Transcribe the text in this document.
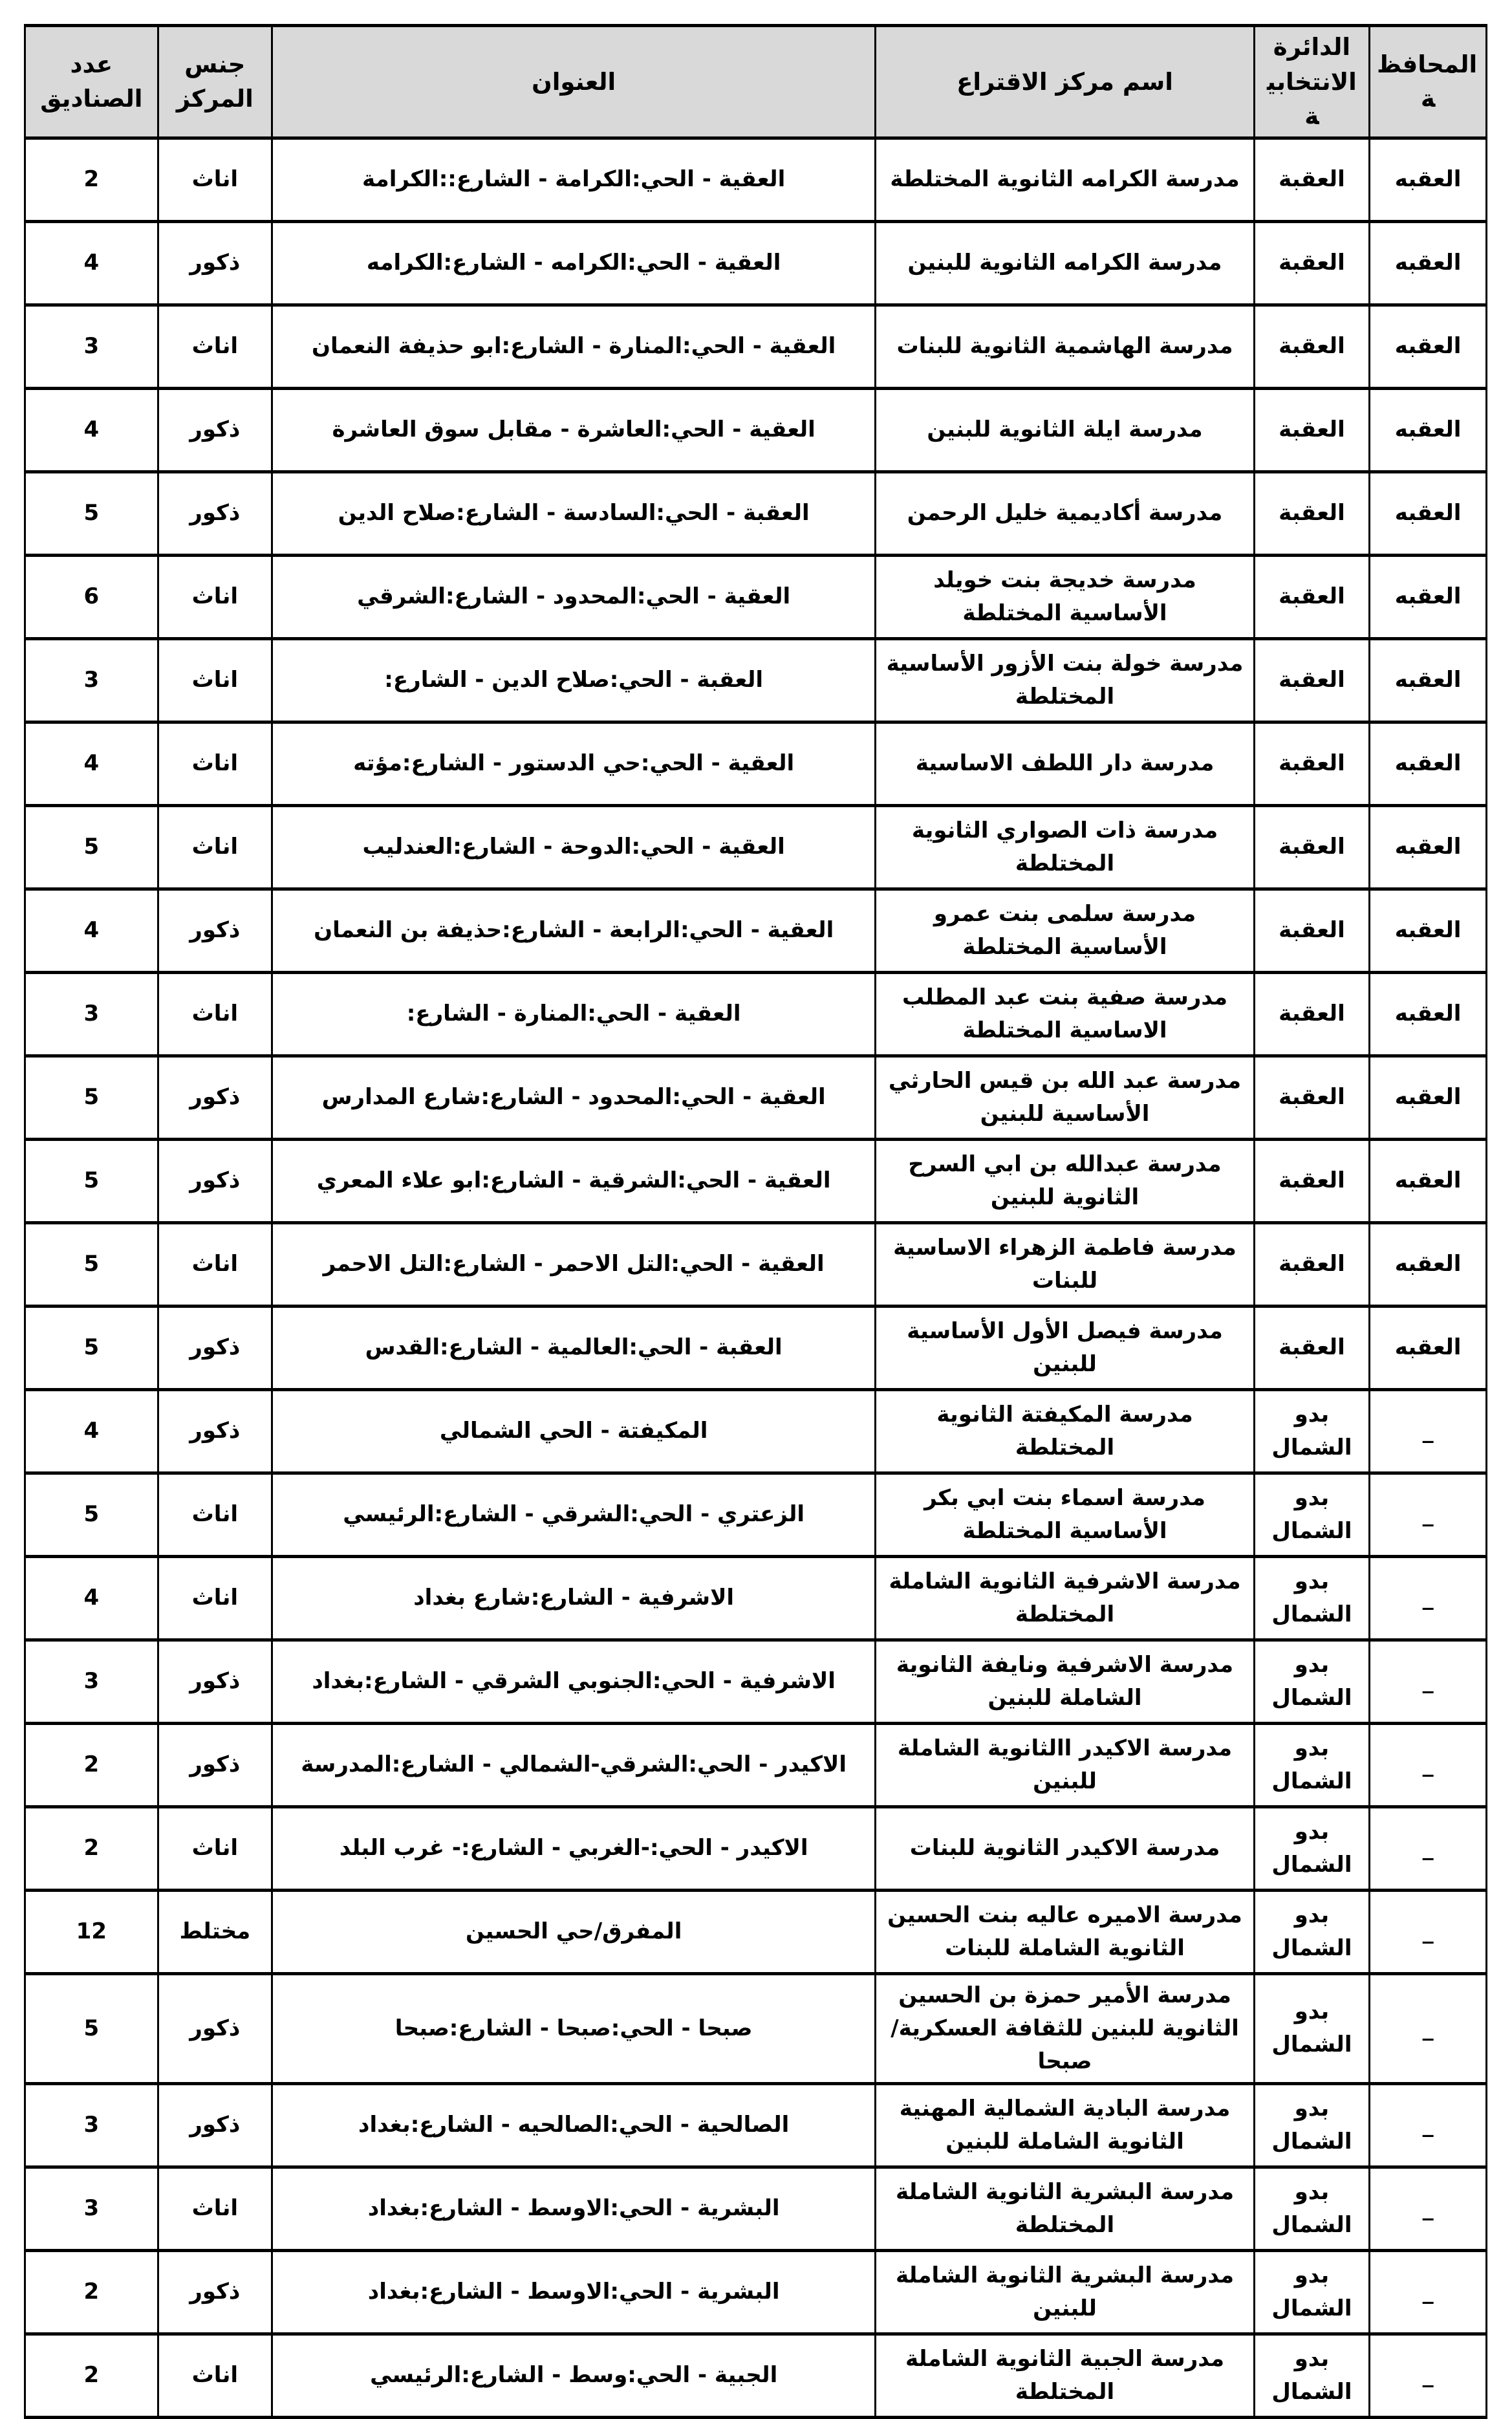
المحافظة	الدائرة الانتخابية	اسم مركز الاقتراع	العنوان	جنس المركز	عدد الصناديق
العقبه	العقبة	مدرسة الكرامه الثانوية المختلطة	العقية - الحي:الكرامة - الشارع::الكرامة	اناث	2
العقبه	العقبة	مدرسة الكرامه الثانوية للبنين	العقية - الحي:الكرامه - الشارع:الكرامه	ذكور	4
العقبه	العقبة	مدرسة الهاشمية الثانوية للبنات	العقية - الحي:المنارة - الشارع:ابو حذيفة النعمان	اناث	3
العقبه	العقبة	مدرسة ايلة الثانوية للبنين	العقية - الحي:العاشرة - مقابل سوق العاشرة	ذكور	4
العقبه	العقبة	مدرسة أكاديمية خليل الرحمن	العقبة - الحي:السادسة - الشارع:صلاح الدين	ذكور	5
العقبه	العقبة	مدرسة خديجة بنت خويلد الأساسية المختلطة	العقية - الحي:المحدود - الشارع:الشرقي	اناث	6
العقبه	العقبة	مدرسة خولة بنت الأزور الأساسية المختلطة	العقبة - الحي:صلاح الدين - الشارع:	اناث	3
العقبه	العقبة	مدرسة دار اللطف الاساسية	العقية - الحي:حي الدستور - الشارع:مؤته	اناث	4
العقبه	العقبة	مدرسة ذات الصواري الثانوية المختلطة	العقية - الحي:الدوحة - الشارع:العندليب	اناث	5
العقبه	العقبة	مدرسة سلمى بنت عمرو الأساسية المختلطة	العقية - الحي:الرابعة - الشارع:حذيفة بن النعمان	ذكور	4
العقبه	العقبة	مدرسة صفية بنت عبد المطلب الاساسية المختلطة	العقية - الحي:المنارة - الشارع:	اناث	3
العقبه	العقبة	مدرسة عبد الله بن قيس الحارثي الأساسية للبنين	العقية - الحي:المحدود - الشارع:شارع المدارس	ذكور	5
العقبه	العقبة	مدرسة عبدالله بن ابي السرح الثانوية للبنين	العقية - الحي:الشرقية - الشارع:ابو علاء المعري	ذكور	5
العقبه	العقبة	مدرسة فاطمة الزهراء الاساسية للبنات	العقية - الحي:التل الاحمر - الشارع:التل الاحمر	اناث	5
العقبه	العقبة	مدرسة فيصل الأول الأساسية للبنين	العقبة - الحي:العالمية - الشارع:القدس	ذكور	5
_	بدو الشمال	مدرسة المكيفتة الثانوية المختلطة	المكيفتة - الحي الشمالي	ذكور	4
_	بدو الشمال	مدرسة اسماء بنت ابي بكر الأساسية المختلطة	الزعتري - الحي:الشرقي - الشارع:الرئيسي	اناث	5
_	بدو الشمال	مدرسة الاشرفية الثانوية الشاملة المختلطة	الاشرفية - الشارع:شارع بغداد	اناث	4
_	بدو الشمال	مدرسة الاشرفية ونايفة الثانوية الشاملة للبنين	الاشرفية - الحي:الجنوبي الشرقي - الشارع:بغداد	ذكور	3
_	بدو الشمال	مدرسة الاكيدر االثانوية الشاملة للبنين	الاكيدر - الحي:الشرقي-الشمالي - الشارع:المدرسة	ذكور	2
_	بدو الشمال	مدرسة الاكيدر الثانوية للبنات	الاكيدر - الحي:-الغربي - الشارع:- غرب البلد	اناث	2
_	بدو الشمال	مدرسة الاميره عاليه بنت الحسين الثانوية الشاملة للبنات	المفرق/حي الحسين	مختلط	12
_	بدو الشمال	مدرسة الأمير حمزة بن الحسين الثانوية للبنين للثقافة العسكرية/صبحا	صبحا - الحي:صبحا - الشارع:صبحا	ذكور	5
_	بدو الشمال	مدرسة البادية الشمالية المهنية الثانوية الشاملة للبنين	الصالحية - الحي:الصالحيه - الشارع:بغداد	ذكور	3
_	بدو الشمال	مدرسة البشرية الثانوية الشاملة المختلطة	البشرية - الحي:الاوسط - الشارع:بغداد	اناث	3
_	بدو الشمال	مدرسة البشرية الثانوية الشاملة للبنين	البشرية - الحي:الاوسط - الشارع:بغداد	ذكور	2
_	بدو الشمال	مدرسة الجبية الثانوية الشاملة المختلطة	الجبية - الحي:وسط - الشارع:الرئيسي	اناث	2
